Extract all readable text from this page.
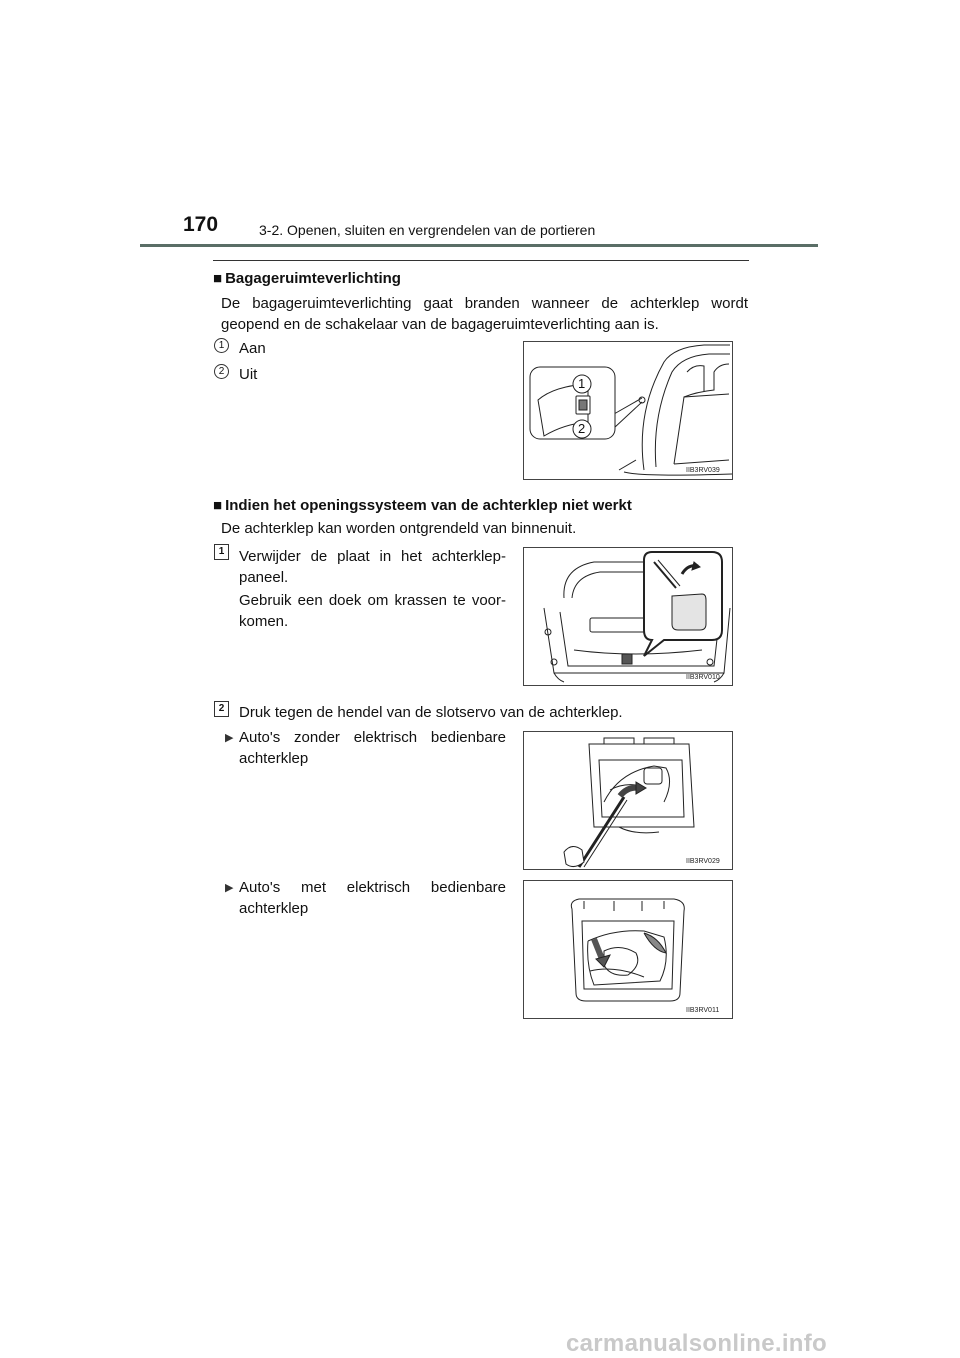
170	3-2. Openen, sluiten en vergrendelen van de portieren
■ Bagageruimteverlichting
De bagageruimteverlichting gaat branden wanneer de achterklep wordt
geopend en de schakelaar van de bagageruimteverlichting aan is.
1 Aan
2 Uit
1
2
IIB3RV039
■ Indien het openingssysteem van de achterklep niet werkt
De achterklep kan worden ontgrendeld van binnenuit.
1 Verwijder de plaat in het achterklep-
paneel.
Gebruik een doek om krassen te voor-
komen.
IIB3RV010
2 Druk tegen de hendel van de slotservo van de achterklep.
▶ Auto's zonder elektrisch bedienbare
achterklep
IIB3RV029
▶ Auto's met elektrisch bedienbare
achterklep
IIB3RV011
carmanualsonline.info
